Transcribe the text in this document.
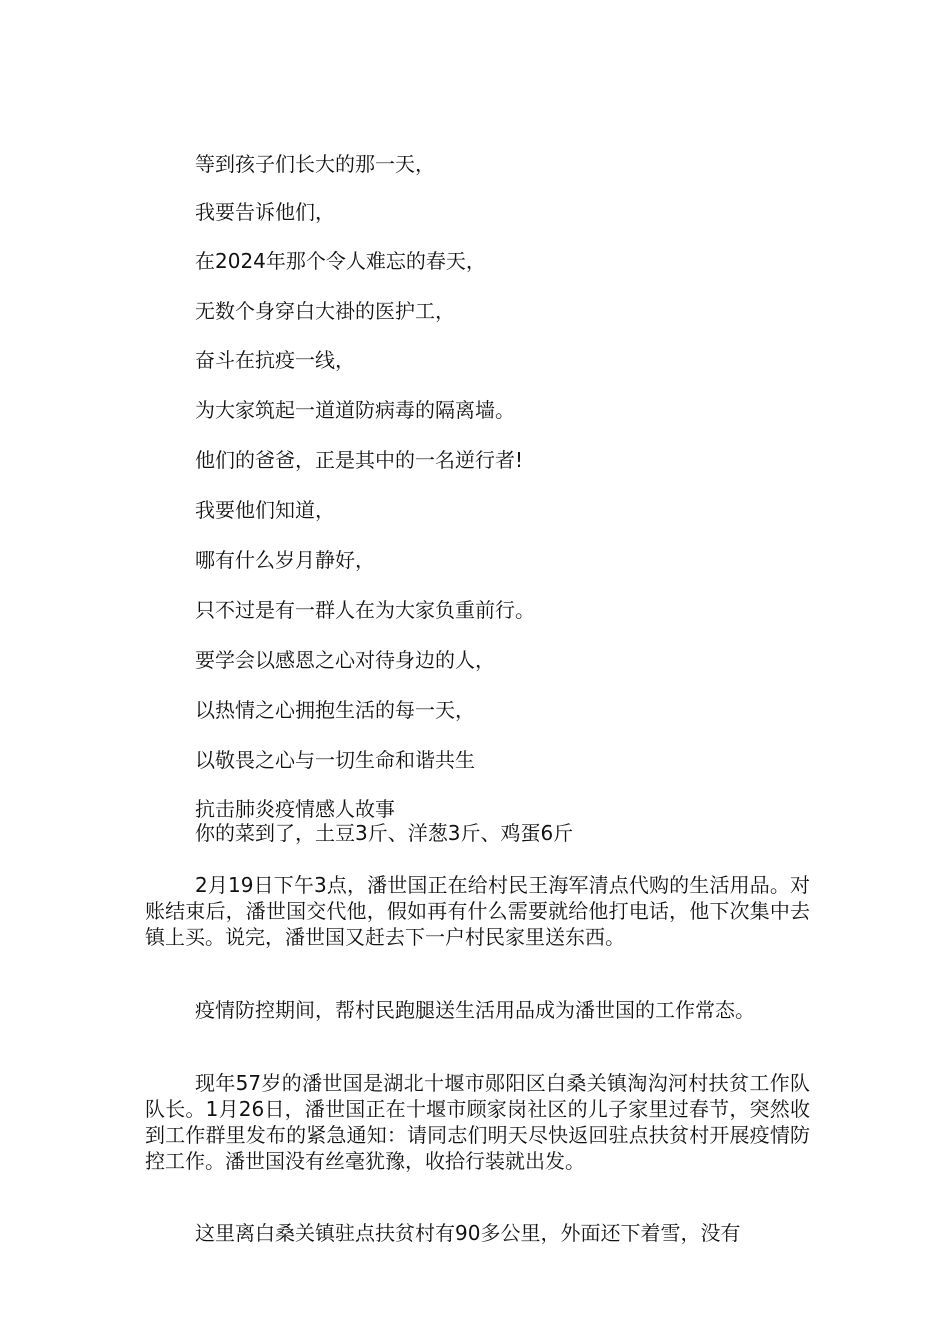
等到孩子们长大的那一天，
我要告诉他们，
在2024年那个令人难忘的春天，
无数个身穿白大褂的医护工，
奋斗在抗疫一线，
为大家筑起一道道防病毒的隔离墙。
他们的爸爸，正是其中的一名逆行者!
我要他们知道，
哪有什么岁月静好，
只不过是有一群人在为大家负重前行。
要学会以感恩之心对待身边的人，
以热情之心拥抱生活的每一天，
以敬畏之心与一切生命和谐共生
抗击肺炎疫情感人故事
你的菜到了，土豆3斤、洋葱3斤、鸡蛋6斤
2月19日下午3点，潘世国正在给村民王海军清点代购的生活用品。对账结束后，潘世国交代他，假如再有什么需要就给他打电话，他下次集中去镇上买。说完，潘世国又赶去下一户村民家里送东西。
疫情防控期间，帮村民跑腿送生活用品成为潘世国的工作常态。
现年57岁的潘世国是湖北十堰市郧阳区白桑关镇淘沟河村扶贫工作队队长。1月26日，潘世国正在十堰市顾家岗社区的儿子家里过春节，突然收到工作群里发布的紧急通知：请同志们明天尽快返回驻点扶贫村开展疫情防控工作。潘世国没有丝毫犹豫，收拾行装就出发。
这里离白桑关镇驻点扶贫村有90多公里，外面还下着雪，没有
